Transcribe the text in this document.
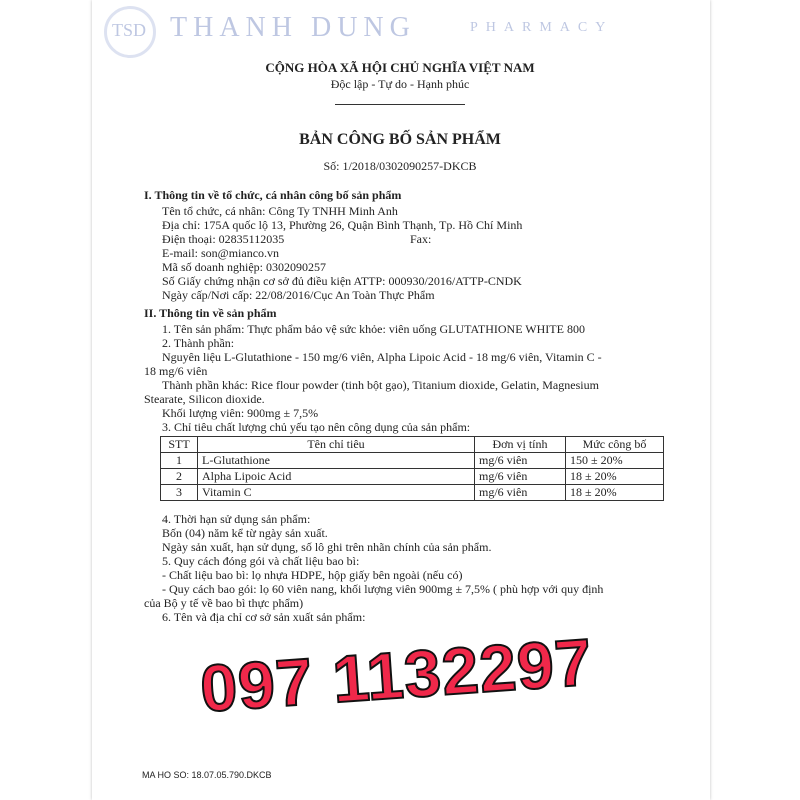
TSD THANH DUNG	PHARMACY
CỘNG HÒA XÃ HỘI CHỦ NGHĨA VIỆT NAM
Độc lập - Tự do - Hạnh phúc
BẢN CÔNG BỐ SẢN PHẨM
Số: 1/2018/0302090257-DKCB
I. Thông tin về tổ chức, cá nhân công bố sản phẩm
Tên tổ chức, cá nhân: Công Ty TNHH Minh Anh
Địa chỉ: 175A quốc lộ 13, Phường 26, Quận Bình Thạnh, Tp. Hồ Chí Minh
Điện thoại: 02835112035	Fax:
E-mail: son@mianco.vn
Mã số doanh nghiệp: 0302090257
Số Giấy chứng nhận cơ sở đủ điều kiện ATTP: 000930/2016/ATTP-CNDK
Ngày cấp/Nơi cấp: 22/08/2016/Cục An Toàn Thực Phẩm
II. Thông tin về sản phẩm
1. Tên sản phẩm: Thực phẩm bảo vệ sức khỏe: viên uống GLUTATHIONE WHITE 800
2. Thành phần:
Nguyên liệu L-Glutathione - 150 mg/6 viên, Alpha Lipoic Acid - 18 mg/6 viên, Vitamin C -
18 mg/6 viên
Thành phần khác: Rice flour powder (tinh bột gạo), Titanium dioxide, Gelatin, Magnesium
Stearate, Silicon dioxide.
Khối lượng viên: 900mg ± 7,5%
3. Chỉ tiêu chất lượng chủ yếu tạo nên công dụng của sản phẩm:
STT	Tên chỉ tiêu	Đơn vị tính	Mức công bố
1	L-Glutathione	mg/6 viên	150 ± 20%
2	Alpha Lipoic Acid	mg/6 viên	18 ± 20%
3	Vitamin C	mg/6 viên	18 ± 20%
4. Thời hạn sử dụng sản phẩm:
Bốn (04) năm kể từ ngày sản xuất.
Ngày sản xuất, hạn sử dụng, số lô ghi trên nhãn chính của sản phẩm.
5. Quy cách đóng gói và chất liệu bao bì:
- Chất liệu bao bì: lọ nhựa HDPE, hộp giấy bên ngoài (nếu có)
- Quy cách bao gói: lọ 60 viên nang, khối lượng viên 900mg ± 7,5% ( phù hợp với quy định
của Bộ y tế về bao bì thực phẩm)
6. Tên và địa chỉ cơ sở sản xuất sản phẩm:
097 1132297
MA HO SO: 18.07.05.790.DKCB
